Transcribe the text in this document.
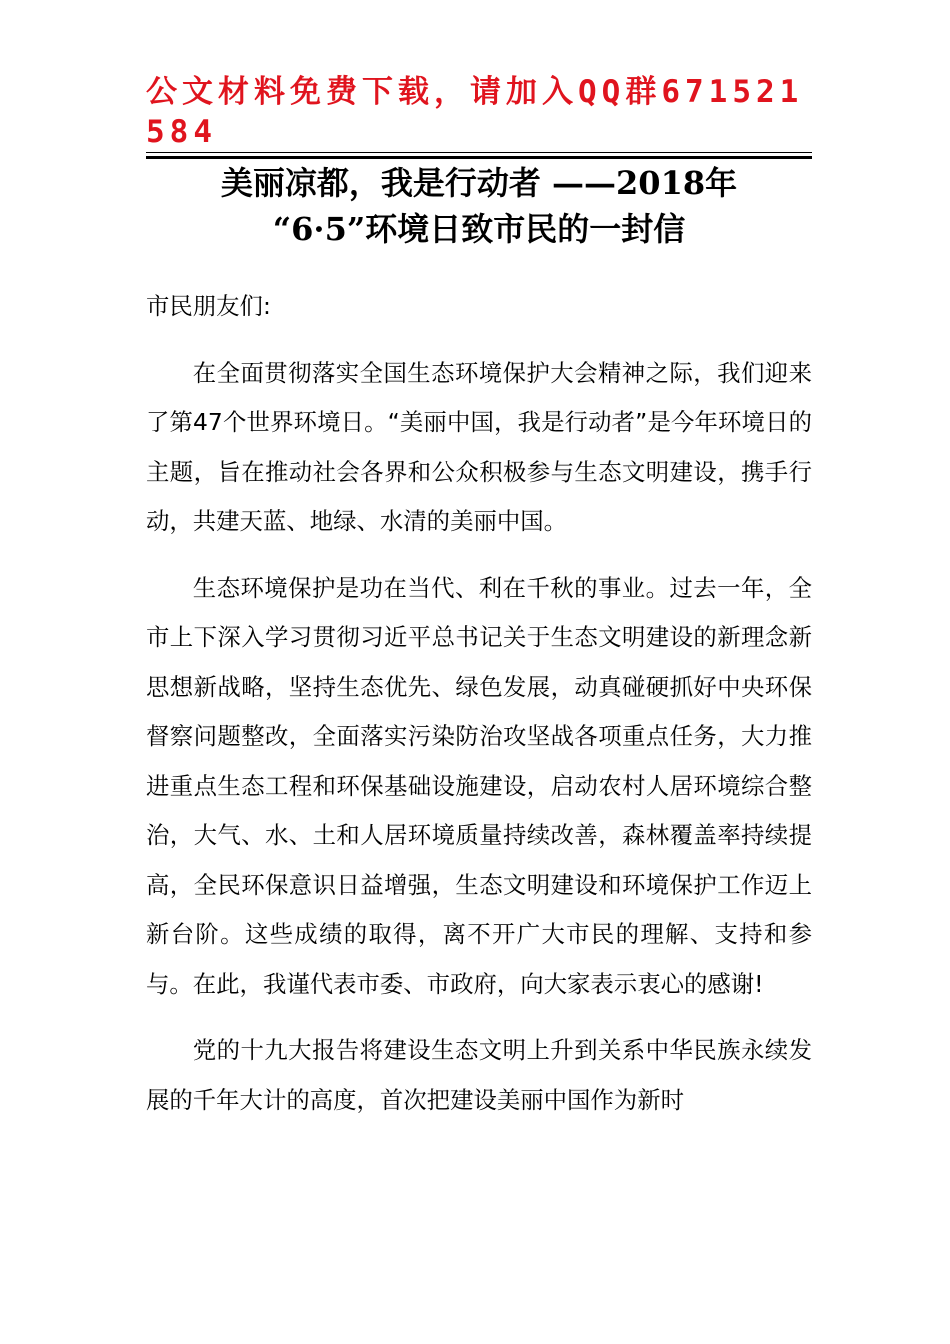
公文材料免费下载，请加入QQ群671521584
美丽凉都，我是行动者 ——2018年
“6·5”环境日致市民的一封信

市民朋友们:

在全面贯彻落实全国生态环境保护大会精神之际，我们迎来了第47个世界环境日。“美丽中国，我是行动者”是今年环境日的主题，旨在推动社会各界和公众积极参与生态文明建设，携手行动，共建天蓝、地绿、水清的美丽中国。

生态环境保护是功在当代、利在千秋的事业。过去一年，全市上下深入学习贯彻习近平总书记关于生态文明建设的新理念新思想新战略，坚持生态优先、绿色发展，动真碰硬抓好中央环保督察问题整改，全面落实污染防治攻坚战各项重点任务，大力推进重点生态工程和环保基础设施建设，启动农村人居环境综合整治，大气、水、土和人居环境质量持续改善，森林覆盖率持续提高，全民环保意识日益增强，生态文明建设和环境保护工作迈上新台阶。这些成绩的取得，离不开广大市民的理解、支持和参与。在此，我谨代表市委、市政府，向大家表示衷心的感谢!

党的十九大报告将建设生态文明上升到关系中华民族永续发展的千年大计的高度，首次把建设美丽中国作为新时
